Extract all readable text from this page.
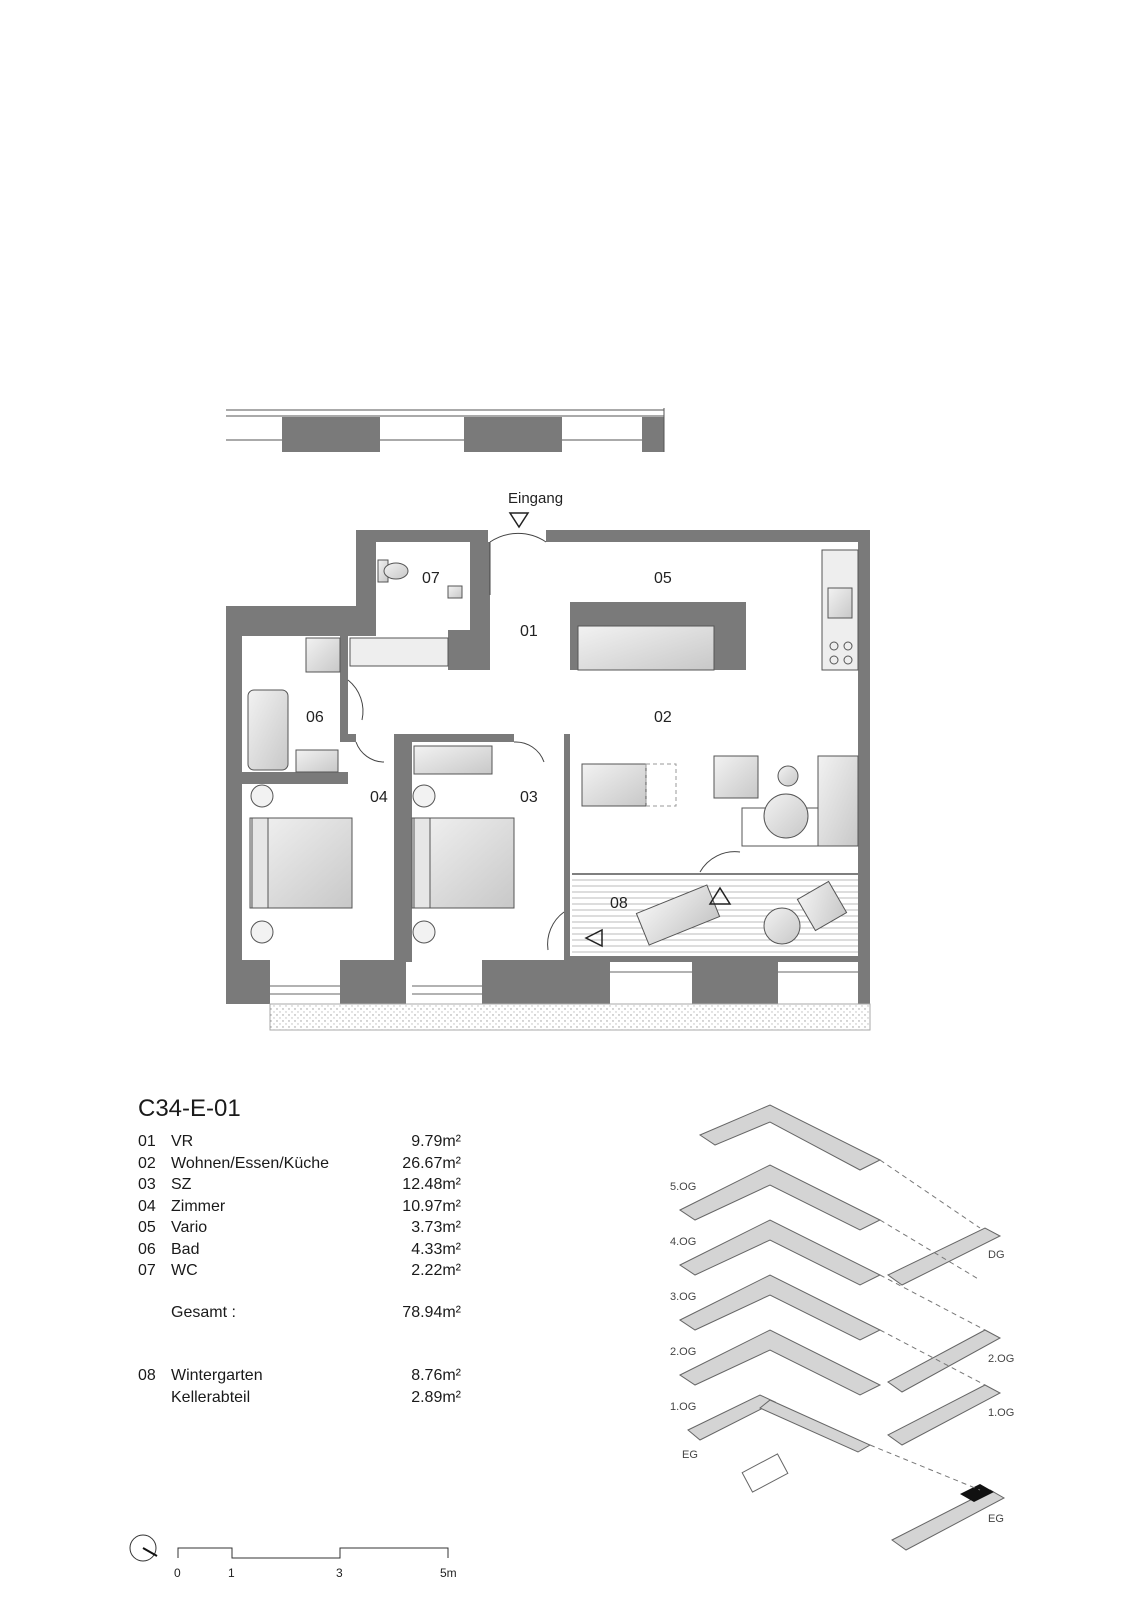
Eingang
07	05
01
06	02
04	03
08
5.OG
4.OG
3.OG
2.OG
1.OG
EG
DG
2.OG
1.OG
EG
0	1	3	5m
C34-E-01
01 VR	9.79m²
02 Wohnen/Essen/Küche	26.67m²
03 SZ	12.48m²
04 Zimmer	10.97m²
05 Vario	3.73m²
06 Bad	4.33m²
07 WC	2.22m²
Gesamt :	78.94m²
08 Wintergarten	8.76m²
Kellerabteil	2.89m²
